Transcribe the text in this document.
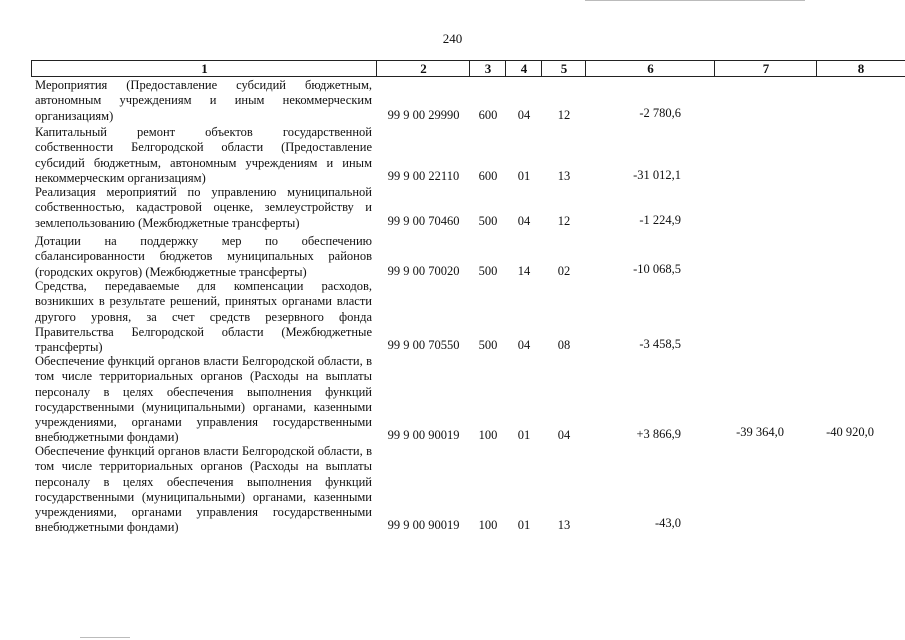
240
1	2	3	4	5	6	7	8
Мероприятия (Предоставление субсидий бюджетным, автономным учреждениям и иным некоммерческим организациям)	99 9 00 29990	600	04	12	-2 780,6
Капитальный ремонт объектов государственной собственности Белгородской области (Предоставление субсидий бюджетным, автономным учреждениям и иным некоммерческим организациям)	99 9 00 22110	600	01	13	-31 012,1
Реализация мероприятий по управлению муниципальной собственностью, кадастровой оценке, землеустройству и землепользованию (Межбюджетные трансферты)	99 9 00 70460	500	04	12	-1 224,9
Дотации на поддержку мер по обеспечению сбалансированности бюджетов муниципальных районов (городских округов) (Межбюджетные трансферты)	99 9 00 70020	500	14	02	-10 068,5
Средства, передаваемые для компенсации расходов, возникших в результате решений, принятых органами власти другого уровня, за счет средств резервного фонда Правительства Белгородской области (Межбюджетные трансферты)	99 9 00 70550	500	04	08	-3 458,5
Обеспечение функций органов власти Белгородской области, в том числе территориальных органов (Расходы на выплаты персоналу в целях обеспечения выполнения функций государственными (муниципальными) органами, казенными учреждениями, органами управления государственными внебюджетными фондами)	99 9 00 90019	100	01	04	+3 866,9	-39 364,0	-40 920,0
Обеспечение функций органов власти Белгородской области, в том числе территориальных органов (Расходы на выплаты персоналу в целях обеспечения выполнения функций государственными (муниципальными) органами, казенными учреждениями, органами управления государственными внебюджетными фондами)	99 9 00 90019	100	01	13	-43,0
